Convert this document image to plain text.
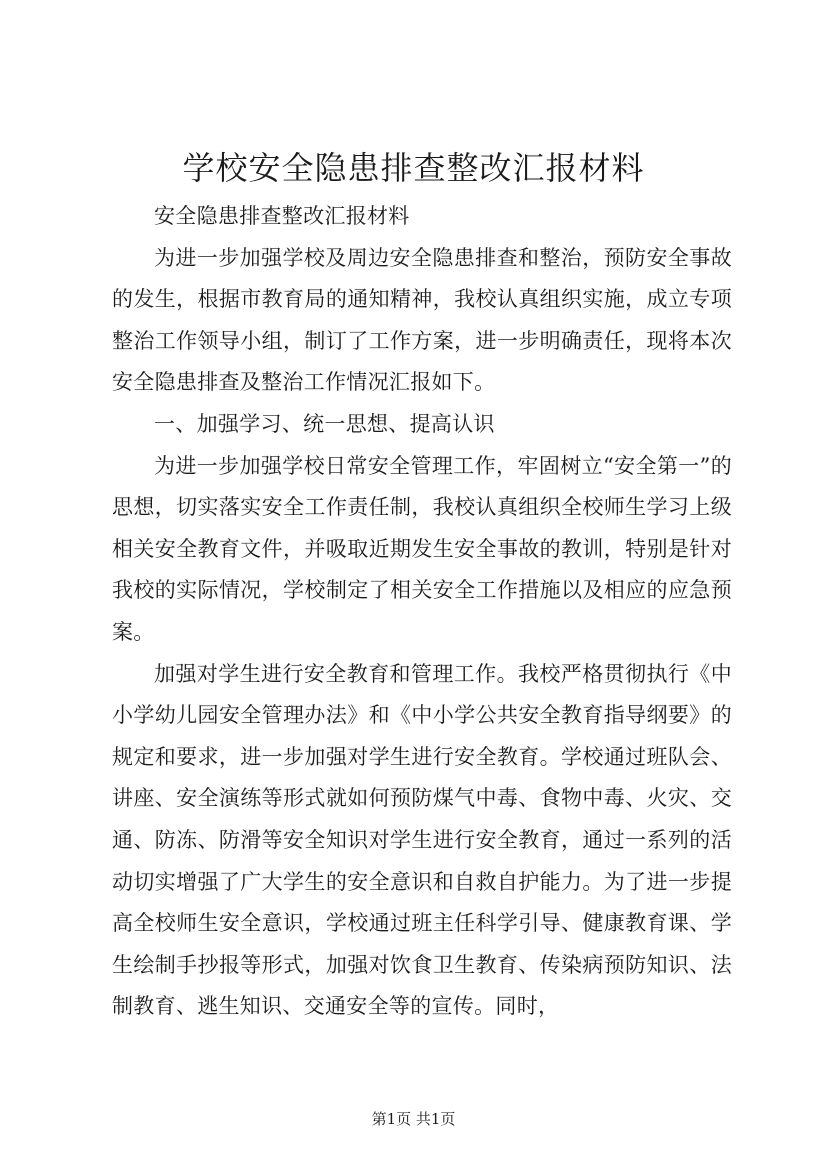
学校安全隐患排查整改汇报材料

安全隐患排查整改汇报材料

为进一步加强学校及周边安全隐患排查和整治，预防安全事故的发生，根据市教育局的通知精神，我校认真组织实施，成立专项整治工作领导小组，制订了工作方案，进一步明确责任，现将本次安全隐患排查及整治工作情况汇报如下。

一、加强学习、统一思想、提高认识

为进一步加强学校日常安全管理工作，牢固树立“安全第一”的思想，切实落实安全工作责任制，我校认真组织全校师生学习上级相关安全教育文件，并吸取近期发生安全事故的教训，特别是针对我校的实际情况，学校制定了相关安全工作措施以及相应的应急预案。

加强对学生进行安全教育和管理工作。我校严格贯彻执行《中小学幼儿园安全管理办法》和《中小学公共安全教育指导纲要》的规定和要求，进一步加强对学生进行安全教育。学校通过班队会、讲座、安全演练等形式就如何预防煤气中毒、食物中毒、火灾、交通、防冻、防滑等安全知识对学生进行安全教育，通过一系列的活动切实增强了广大学生的安全意识和自救自护能力。为了进一步提高全校师生安全意识，学校通过班主任科学引导、健康教育课、学生绘制手抄报等形式，加强对饮食卫生教育、传染病预防知识、法制教育、逃生知识、交通安全等的宣传。同时，

第1页 共1页
